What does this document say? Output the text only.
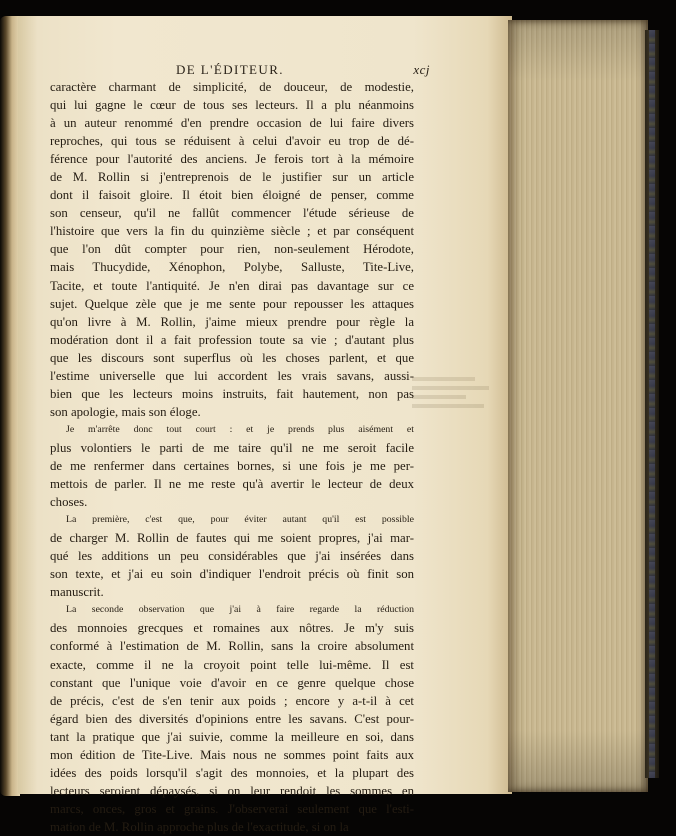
DE L'ÉDITEUR.	xcj
caractère charmant de simplicité, de douceur, de modestie,
qui lui gagne le cœur de tous ses lecteurs. Il a plu néanmoins
à un auteur renommé d'en prendre occasion de lui faire divers
reproches, qui tous se réduisent à celui d'avoir eu trop de dé-
férence pour l'autorité des anciens. Je ferois tort à la mémoire
de M. Rollin si j'entreprenois de le justifier sur un article
dont il faisoit gloire. Il étoit bien éloigné de penser, comme
son censeur, qu'il ne fallût commencer l'étude sérieuse de
l'histoire que vers la fin du quinzième siècle ; et par conséquent
que l'on dût compter pour rien, non-seulement Hérodote,
mais Thucydide, Xénophon, Polybe, Salluste, Tite-Live,
Tacite, et toute l'antiquité. Je n'en dirai pas davantage sur ce
sujet. Quelque zèle que je me sente pour repousser les attaques
qu'on livre à M. Rollin, j'aime mieux prendre pour règle la
modération dont il a fait profession toute sa vie ; d'autant plus
que les discours sont superflus où les choses parlent, et que
l'estime universelle que lui accordent les vrais savans, aussi-
bien que les lecteurs moins instruits, fait hautement, non pas
son apologie, mais son éloge.
Je m'arrête donc tout court : et je prends plus aisément et
plus volontiers le parti de me taire qu'il ne me seroit facile
de me renfermer dans certaines bornes, si une fois je me per-
mettois de parler. Il ne me reste qu'à avertir le lecteur de deux
choses.
La première, c'est que, pour éviter autant qu'il est possible
de charger M. Rollin de fautes qui me soient propres, j'ai mar-
qué les additions un peu considérables que j'ai insérées dans
son texte, et j'ai eu soin d'indiquer l'endroit précis où finit son
manuscrit.
La seconde observation que j'ai à faire regarde la réduction
des monnoies grecques et romaines aux nôtres. Je m'y suis
conformé à l'estimation de M. Rollin, sans la croire absolument
exacte, comme il ne la croyoit point telle lui-même. Il est
constant que l'unique voie d'avoir en ce genre quelque chose
de précis, c'est de s'en tenir aux poids ; encore y a-t-il à cet
égard bien des diversités d'opinions entre les savans. C'est pour-
tant la pratique que j'ai suivie, comme la meilleure en soi, dans
mon édition de Tite-Live. Mais nous ne sommes point faits aux
idées des poids lorsqu'il s'agit des monnoies, et la plupart des
lecteurs seroient dépaysés, si on leur rendoit les sommes en
marcs, onces, gros et grains. J'observerai seulement que l'esti-
mation de M. Rollin approche plus de l'exactitude, si on la
